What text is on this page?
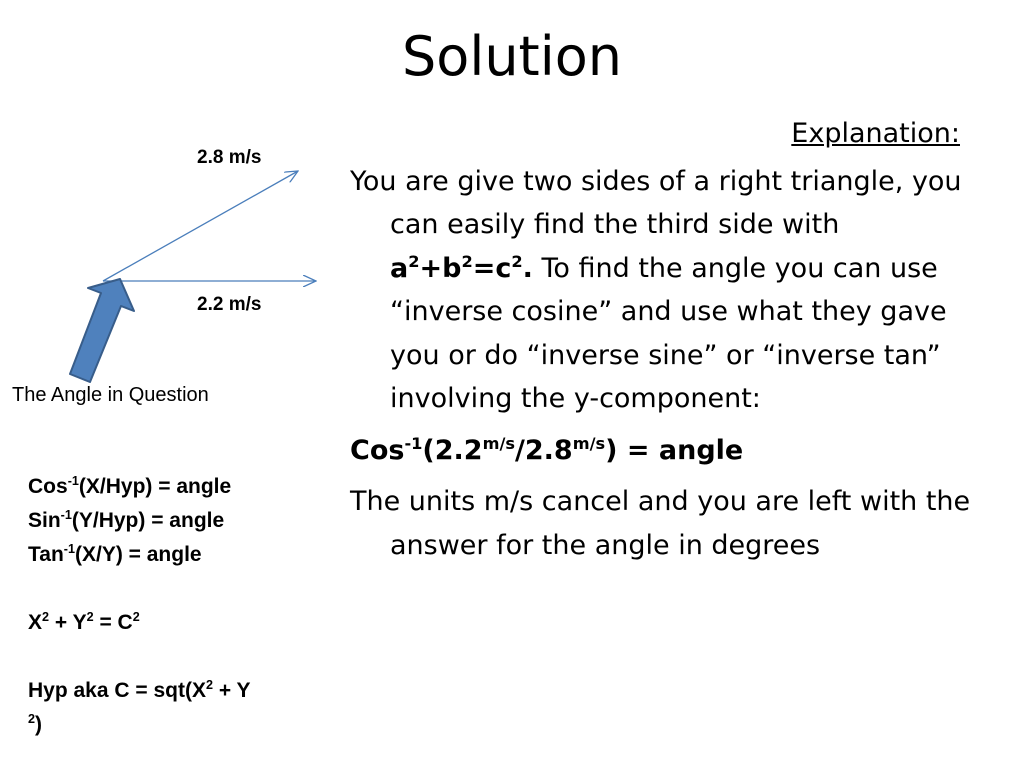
Solution
2.8 m/s
2.2 m/s
The Angle in Question
Cos$^{-1}$(X/Hyp) = angle
Sin$^{-1}$(Y/Hyp) = angle
Tan$^{-1}$(X/Y) = angle
$X^2 + Y^2 = C^2$
Hyp aka $C = sqt(X^2 + Y$
$^2$)
Explanation:

You are give two sides of a right triangle, you can easily find the third side with $a^2+b^2=c^2$. To find the angle you can use “inverse cosine” and use what they gave you or do “inverse sine” or “inverse tan” involving the y-component:

$Cos^{-1}(2.2^{m/s}/2.8^{m/s})$ = angle

The units m/s cancel and you are left with the answer for the angle in degrees
